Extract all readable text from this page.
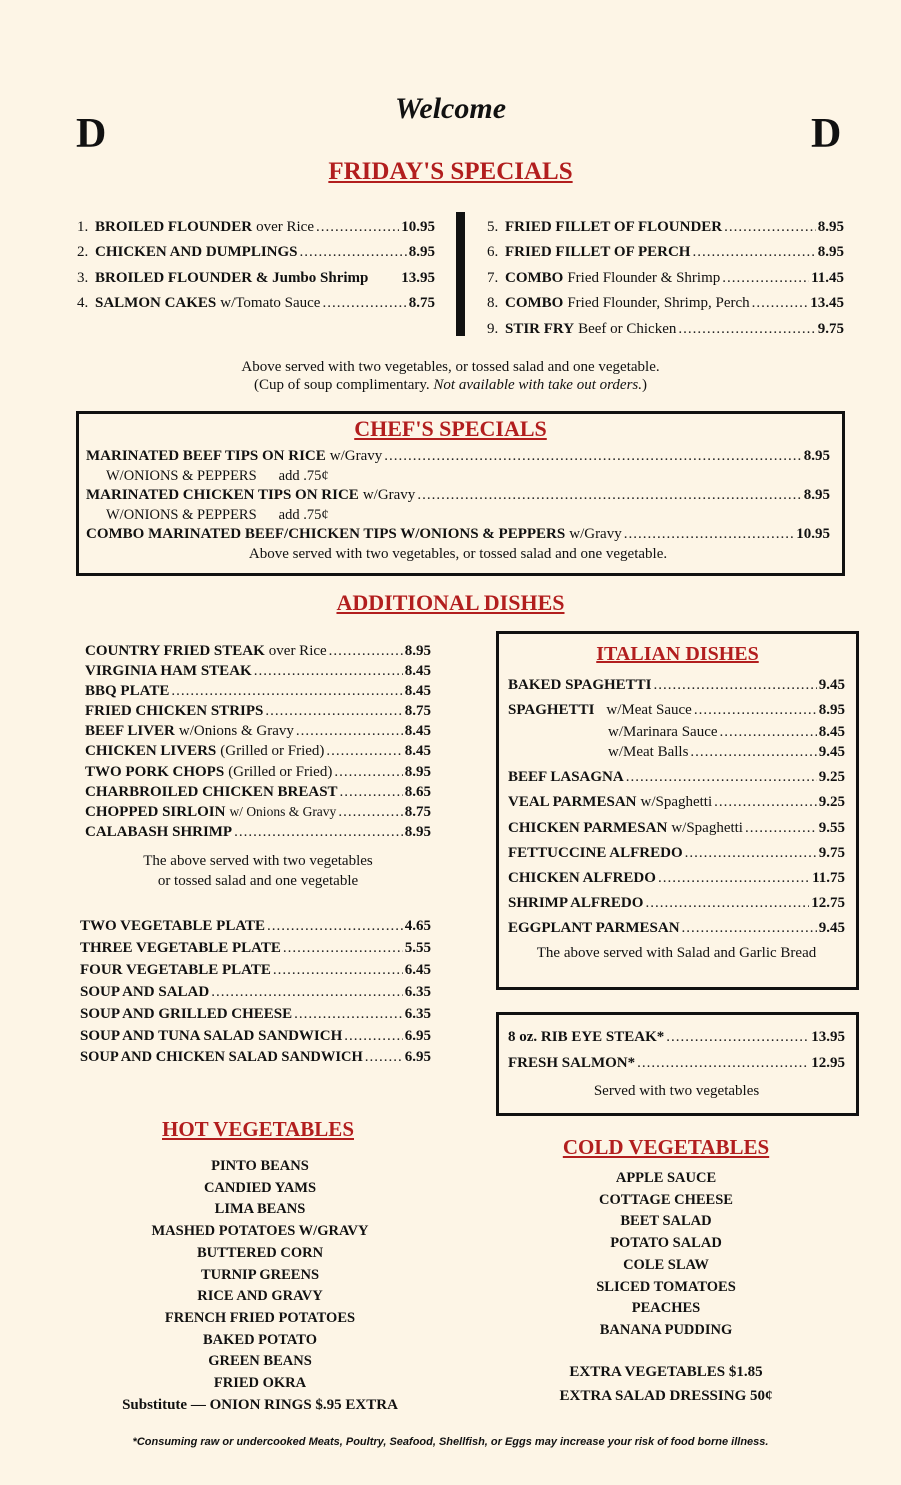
D	D
Welcome
FRIDAY'S SPECIALS
1. BROILED FLOUNDER over Rice .....	10.95
2. CHICKEN AND DUMPLINGS .....	8.95
3. BROILED FLOUNDER & Jumbo Shrimp 13.95
4. SALMON CAKES w/Tomato Sauce .....	8.75
5. FRIED FILLET OF FLOUNDER .....	8.95
6. FRIED FILLET OF PERCH .....	8.95
7. COMBO Fried Flounder & Shrimp .....	11.45
8. COMBO Fried Flounder, Shrimp, Perch .....	13.45
9. STIR FRY Beef or Chicken .....	9.75
Above served with two vegetables, or tossed salad and one vegetable.
(Cup of soup complimentary. Not available with take out orders.)
CHEF'S SPECIALS
MARINATED BEEF TIPS ON RICE w/Gravy .....	8.95
W/ONIONS & PEPPERS add .75¢
MARINATED CHICKEN TIPS ON RICE w/Gravy .....	8.95
W/ONIONS & PEPPERS add .75¢
COMBO MARINATED BEEF/CHICKEN TIPS W/ONIONS & PEPPERS w/Gravy .....	10.95
Above served with two vegetables, or tossed salad and one vegetable.
ADDITIONAL DISHES
COUNTRY FRIED STEAK over Rice .....	8.95
VIRGINIA HAM STEAK .....	8.45
BBQ PLATE .....	8.45
FRIED CHICKEN STRIPS .....	8.75
BEEF LIVER w/Onions & Gravy .....	8.45
CHICKEN LIVERS (Grilled or Fried) .....	8.45
TWO PORK CHOPS (Grilled or Fried) .....	8.95
CHARBROILED CHICKEN BREAST .....	8.65
CHOPPED SIRLOIN w/ Onions & Gravy .....	8.75
CALABASH SHRIMP .....	8.95
The above served with two vegetables
or tossed salad and one vegetable
TWO VEGETABLE PLATE .....	4.65
THREE VEGETABLE PLATE .....	5.55
FOUR VEGETABLE PLATE .....	6.45
SOUP AND SALAD .....	6.35
SOUP AND GRILLED CHEESE .....	6.35
SOUP AND TUNA SALAD SANDWICH .....	6.95
SOUP AND CHICKEN SALAD SANDWICH .....	6.95
ITALIAN DISHES
BAKED SPAGHETTI .....	9.45
SPAGHETTI w/Meat Sauce .....	8.95
w/Marinara Sauce .....	8.45
w/Meat Balls .....	9.45
BEEF LASAGNA .....	9.25
VEAL PARMESAN w/Spaghetti .....	9.25
CHICKEN PARMESAN w/Spaghetti .....	9.55
FETTUCCINE ALFREDO .....	9.75
CHICKEN ALFREDO .....	11.75
SHRIMP ALFREDO .....	12.75
EGGPLANT PARMESAN .....	9.45
The above served with Salad and Garlic Bread
8 oz. RIB EYE STEAK* .....	13.95
FRESH SALMON* .....	12.95
Served with two vegetables
HOT VEGETABLES
PINTO BEANS
CANDIED YAMS
LIMA BEANS
MASHED POTATOES W/GRAVY
BUTTERED CORN
TURNIP GREENS
RICE AND GRAVY
FRENCH FRIED POTATOES
BAKED POTATO
GREEN BEANS
FRIED OKRA
Substitute — ONION RINGS $.95 EXTRA
COLD VEGETABLES
APPLE SAUCE
COTTAGE CHEESE
BEET SALAD
POTATO SALAD
COLE SLAW
SLICED TOMATOES
PEACHES
BANANA PUDDING
EXTRA VEGETABLES $1.85
EXTRA SALAD DRESSING 50¢
*Consuming raw or undercooked Meats, Poultry, Seafood, Shellfish, or Eggs may increase your risk of food borne illness.
